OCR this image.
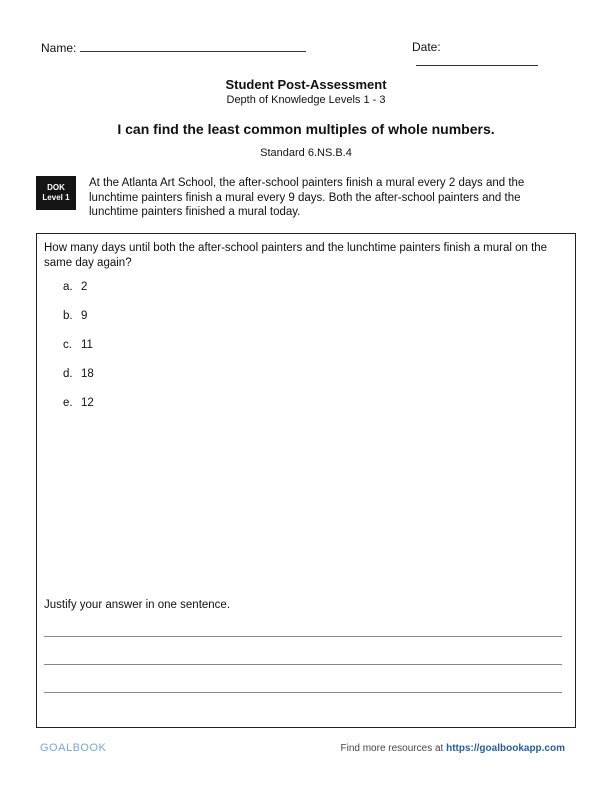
Name:	Date:
Student Post-Assessment
Depth of Knowledge Levels 1 - 3
I can find the least common multiples of whole numbers.
Standard 6.NS.B.4
DOK
Level 1
At the Atlanta Art School, the after-school painters finish a mural every 2 days and the lunchtime painters finish a mural every 9 days. Both the after-school painters and the lunchtime painters finished a mural today.
How many days until both the after-school painters and the lunchtime painters finish a mural on the same day again?
a. 2
b. 9
c. 11
d. 18
e. 12
Justify your answer in one sentence.
GOALBOOK	Find more resources at https://goalbookapp.com
